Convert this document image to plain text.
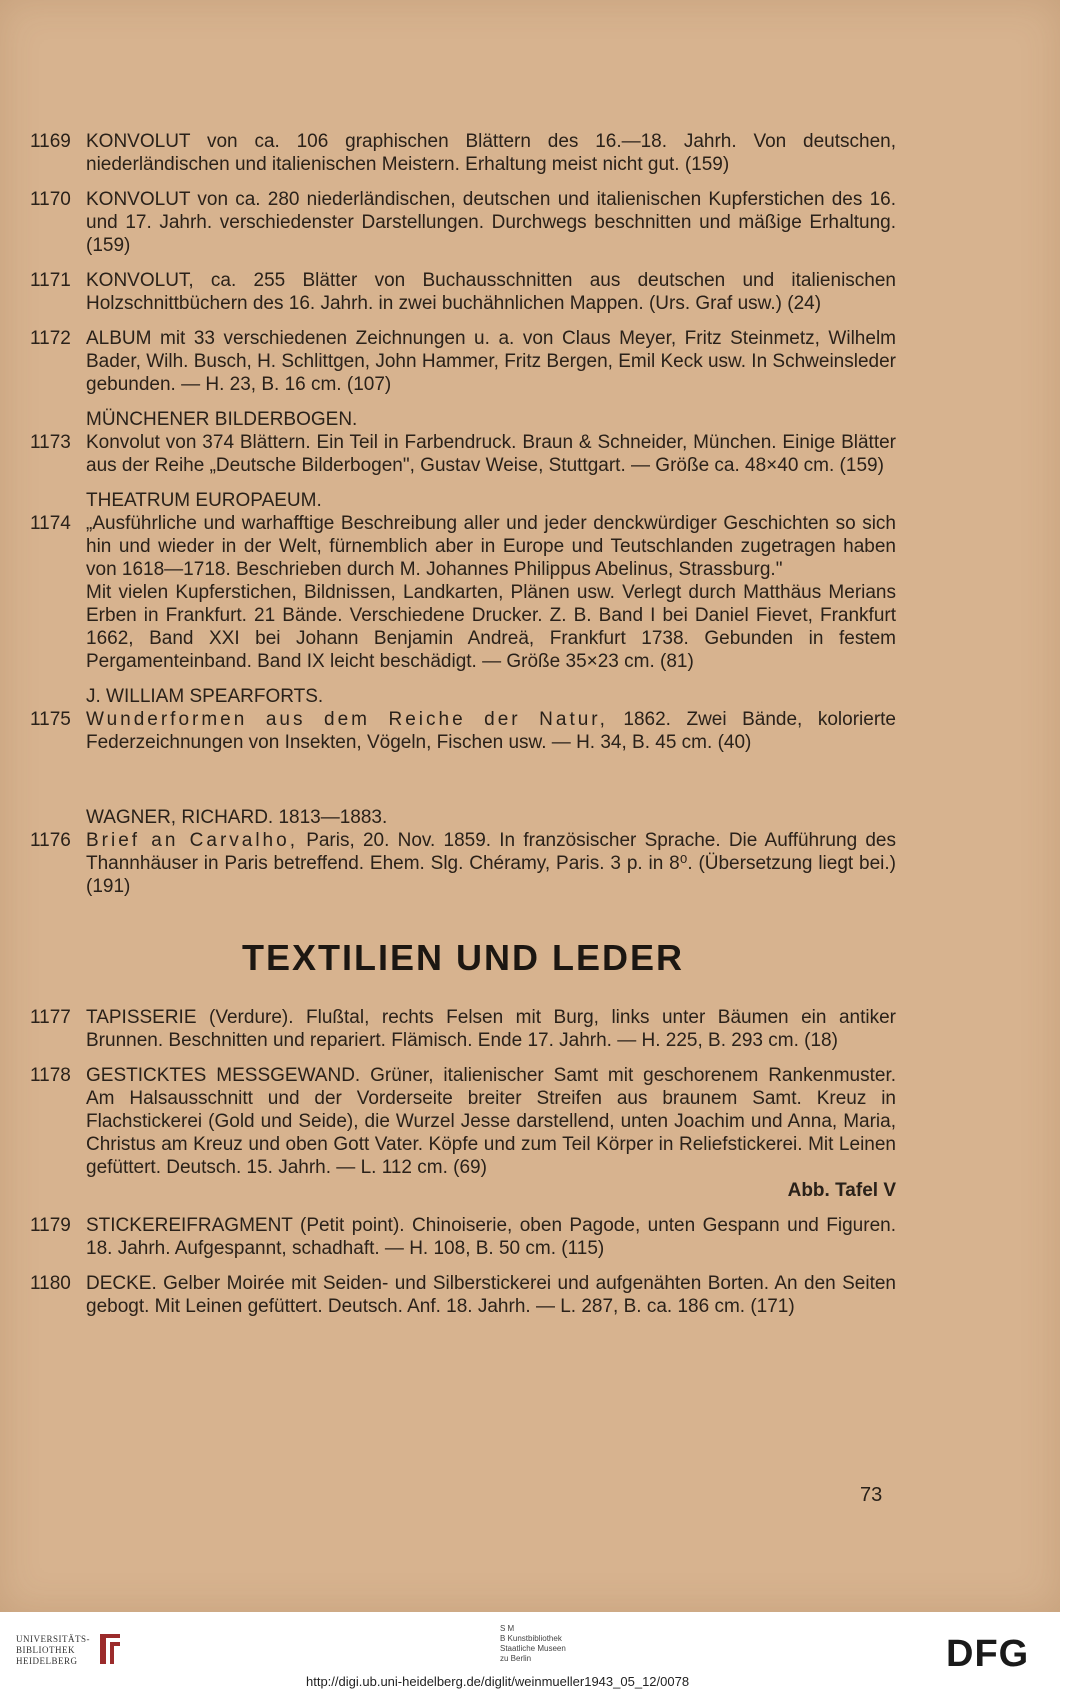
1169 KONVOLUT von ca. 106 graphischen Blättern des 16.—18. Jahrh. Von deutschen, niederländischen und italienischen Meistern. Erhaltung meist nicht gut. (159)
1170 KONVOLUT von ca. 280 niederländischen, deutschen und italienischen Kupferstichen des 16. und 17. Jahrh. verschiedenster Darstellungen. Durchwegs beschnitten und mäßige Erhaltung. (159)
1171 KONVOLUT, ca. 255 Blätter von Buchausschnitten aus deutschen und italienischen Holzschnittbüchern des 16. Jahrh. in zwei buchähnlichen Mappen. (Urs. Graf usw.) (24)
1172 ALBUM mit 33 verschiedenen Zeichnungen u. a. von Claus Meyer, Fritz Steinmetz, Wilhelm Bader, Wilh. Busch, H. Schlittgen, John Hammer, Fritz Bergen, Emil Keck usw. In Schweinsleder gebunden. — H. 23, B. 16 cm. (107)
MÜNCHENER BILDERBOGEN.
1173 Konvolut von 374 Blättern. Ein Teil in Farbendruck. Braun & Schneider, München. Einige Blätter aus der Reihe „Deutsche Bilderbogen", Gustav Weise, Stuttgart. — Größe ca. 48×40 cm. (159)
THEATRUM EUROPAEUM.
1174 „Ausführliche und warhafftige Beschreibung aller und jeder denckwürdiger Geschichten so sich hin und wieder in der Welt, fürnemblich aber in Europe und Teutschlanden zugetragen haben von 1618—1718. Beschrieben durch M. Johannes Philippus Abelinus, Strassburg."
Mit vielen Kupferstichen, Bildnissen, Landkarten, Plänen usw. Verlegt durch Matthäus Merians Erben in Frankfurt. 21 Bände. Verschiedene Drucker. Z. B. Band I bei Daniel Fievet, Frankfurt 1662, Band XXI bei Johann Benjamin Andreä, Frankfurt 1738. Gebunden in festem Pergamenteinband. Band IX leicht beschädigt. — Größe 35×23 cm. (81)
J. WILLIAM SPEARFORTS.
1175 Wunderformen aus dem Reiche der Natur, 1862. Zwei Bände, kolorierte Federzeichnungen von Insekten, Vögeln, Fischen usw. — H. 34, B. 45 cm. (40)
WAGNER, RICHARD. 1813—1883.
1176 Brief an Carvalho, Paris, 20. Nov. 1859. In französischer Sprache. Die Aufführung des Thannhäuser in Paris betreffend. Ehem. Slg. Chéramy, Paris. 3 p. in 8⁰. (Übersetzung liegt bei.) (191)
TEXTILIEN UND LEDER
1177 TAPISSERIE (Verdure). Flußtal, rechts Felsen mit Burg, links unter Bäumen ein antiker Brunnen. Beschnitten und repariert. Flämisch. Ende 17. Jahrh. — H. 225, B. 293 cm. (18)
1178 GESTICKTES MESSGEWAND. Grüner, italienischer Samt mit geschorenem Rankenmuster. Am Halsausschnitt und der Vorderseite breiter Streifen aus braunem Samt. Kreuz in Flachstickerei (Gold und Seide), die Wurzel Jesse darstellend, unten Joachim und Anna, Maria, Christus am Kreuz und oben Gott Vater. Köpfe und zum Teil Körper in Reliefstickerei. Mit Leinen gefüttert. Deutsch. 15. Jahrh. — L. 112 cm. (69)
Abb. Tafel V
1179 STICKEREIFRAGMENT (Petit point). Chinoiserie, oben Pagode, unten Gespann und Figuren. 18. Jahrh. Aufgespannt, schadhaft. — H. 108, B. 50 cm. (115)
1180 DECKE. Gelber Moirée mit Seiden- und Silberstickerei und aufgenähten Borten. An den Seiten gebogt. Mit Leinen gefüttert. Deutsch. Anf. 18. Jahrh. — L. 287, B. ca. 186 cm. (171)
73
UNIVERSITÄTS-
BIBLIOTHEK
HEIDELBERG
S M
B Kunstbibliothek
Staatliche Museen
zu Berlin	DFG
http://digi.ub.uni-heidelberg.de/diglit/weinmueller1943_05_12/0078
